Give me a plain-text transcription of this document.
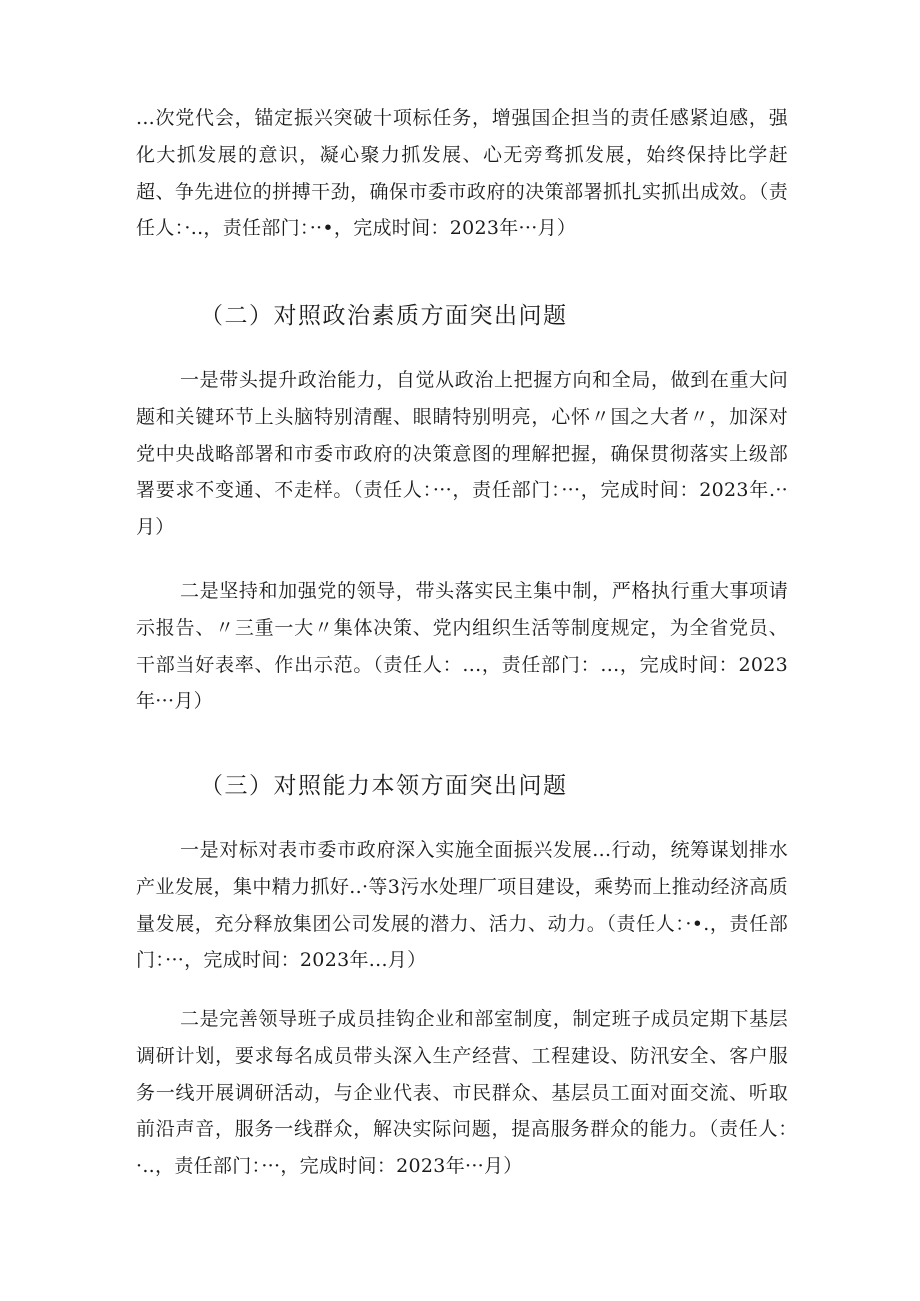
...次党代会，锚定振兴突破十项标任务，增强国企担当的责任感紧迫感，强化大抓发展的意识，凝心聚力抓发展、心无旁骛抓发展，始终保持比学赶超、争先进位的拼搏干劲，确保市委市政府的决策部署抓扎实抓出成效。（责任人：·..，责任部门：··•，完成时间：2023年···月）

（二）对照政治素质方面突出问题

一是带头提升政治能力，自觉从政治上把握方向和全局，做到在重大问题和关键环节上头脑特别清醒、眼睛特别明亮，心怀〃国之大者〃，加深对党中央战略部署和市委市政府的决策意图的理解把握，确保贯彻落实上级部署要求不变通、不走样。（责任人：···，责任部门：···，完成时间：2023年.··月）

二是坚持和加强党的领导，带头落实民主集中制，严格执行重大事项请示报告、〃三重一大〃集体决策、党内组织生活等制度规定，为全省党员、干部当好表率、作出示范。（责任人：...，责任部门：...，完成时间：2023年···月）

（三）对照能力本领方面突出问题

一是对标对表市委市政府深入实施全面振兴发展...行动，统筹谋划排水产业发展，集中精力抓好..·等3污水处理厂项目建设，乘势而上推动经济高质量发展，充分释放集团公司发展的潜力、活力、动力。（责任人：·•.，责任部门：···，完成时间：2023年...月）

二是完善领导班子成员挂钩企业和部室制度，制定班子成员定期下基层调研计划，要求每名成员带头深入生产经营、工程建设、防汛安全、客户服务一线开展调研活动，与企业代表、市民群众、基层员工面对面交流、听取前沿声音，服务一线群众，解决实际问题，提高服务群众的能力。（责任人：·..，责任部门：···，完成时间：2023年···月）
